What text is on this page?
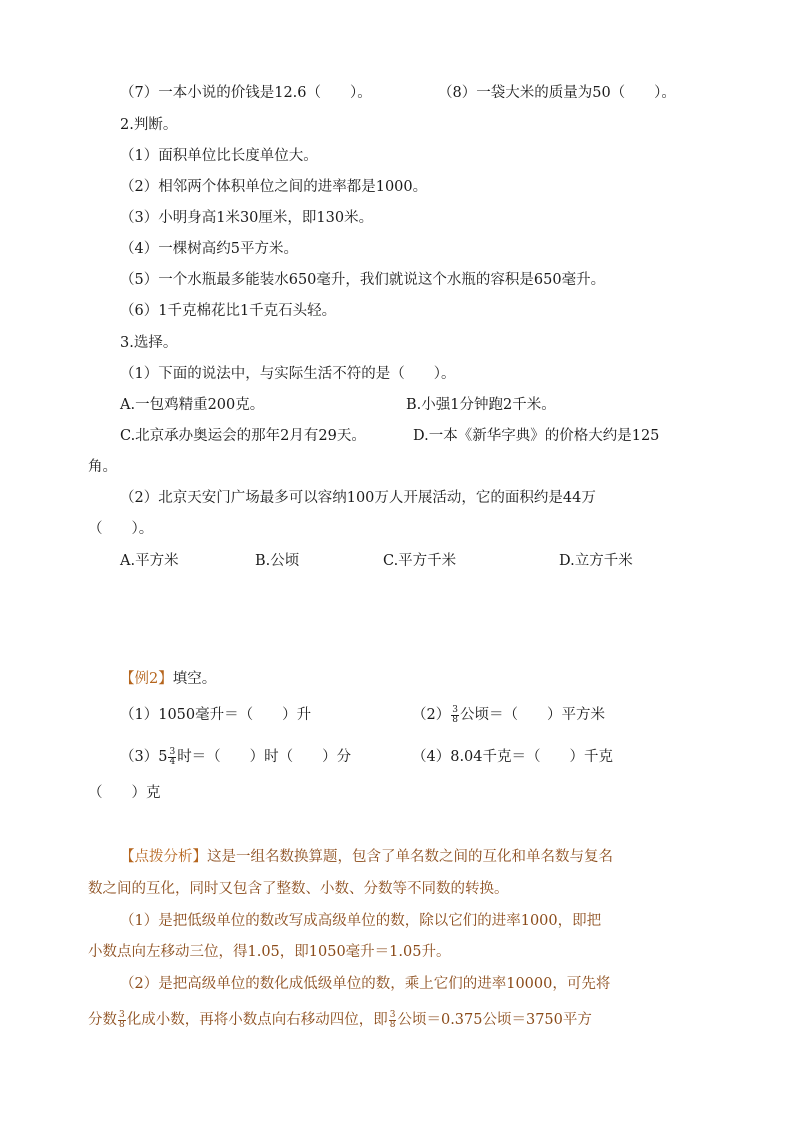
（7）一本小说的价钱是12.6（　　）。	（8）一袋大米的质量为50（　　）。
2.判断。
（1）面积单位比长度单位大。
（2）相邻两个体积单位之间的进率都是1000。
（3）小明身高1米30厘米，即130米。
（4）一棵树高约5平方米。
（5）一个水瓶最多能装水650毫升，我们就说这个水瓶的容积是650毫升。
（6）1千克棉花比1千克石头轻。
3.选择。
（1）下面的说法中，与实际生活不符的是（　　）。
A.一包鸡精重200克。	B.小强1分钟跑2千米。
C.北京承办奥运会的那年2月有29天。	D.一本《新华字典》的价格大约是125
角。
（2）北京天安门广场最多可以容纳100万人开展活动，它的面积约是44万
（　　）。
A.平方米	B.公顷	C.平方千米	D.立方千米
【例2】填空。
（1）1050毫升＝（　　）升	$(2) \frac{3}{8}$ 公顷＝（　　）平方米
$(3)5 \frac{3}{4}$ 时＝（　　）时（　　）分	（4）8.04千克＝（　　）千克
（　　）克
【点拨分析】这是一组名数换算题，包含了单名数之间的互化和单名数与复名
数之间的互化，同时又包含了整数、小数、分数等不同数的转换。
（1）是把低级单位的数改写成高级单位的数，除以它们的进率1000，即把
小数点向左移动三位，得1.05，即1050毫升＝1.05升。
（2）是把高级单位的数化成低级单位的数，乘上它们的进率10000，可先将
分数 $\frac{3}{8}$ 化成小数，再将小数点向右移动四位，即 $\frac{3}{8}$ 公顷＝0.375公顷＝3750平方
